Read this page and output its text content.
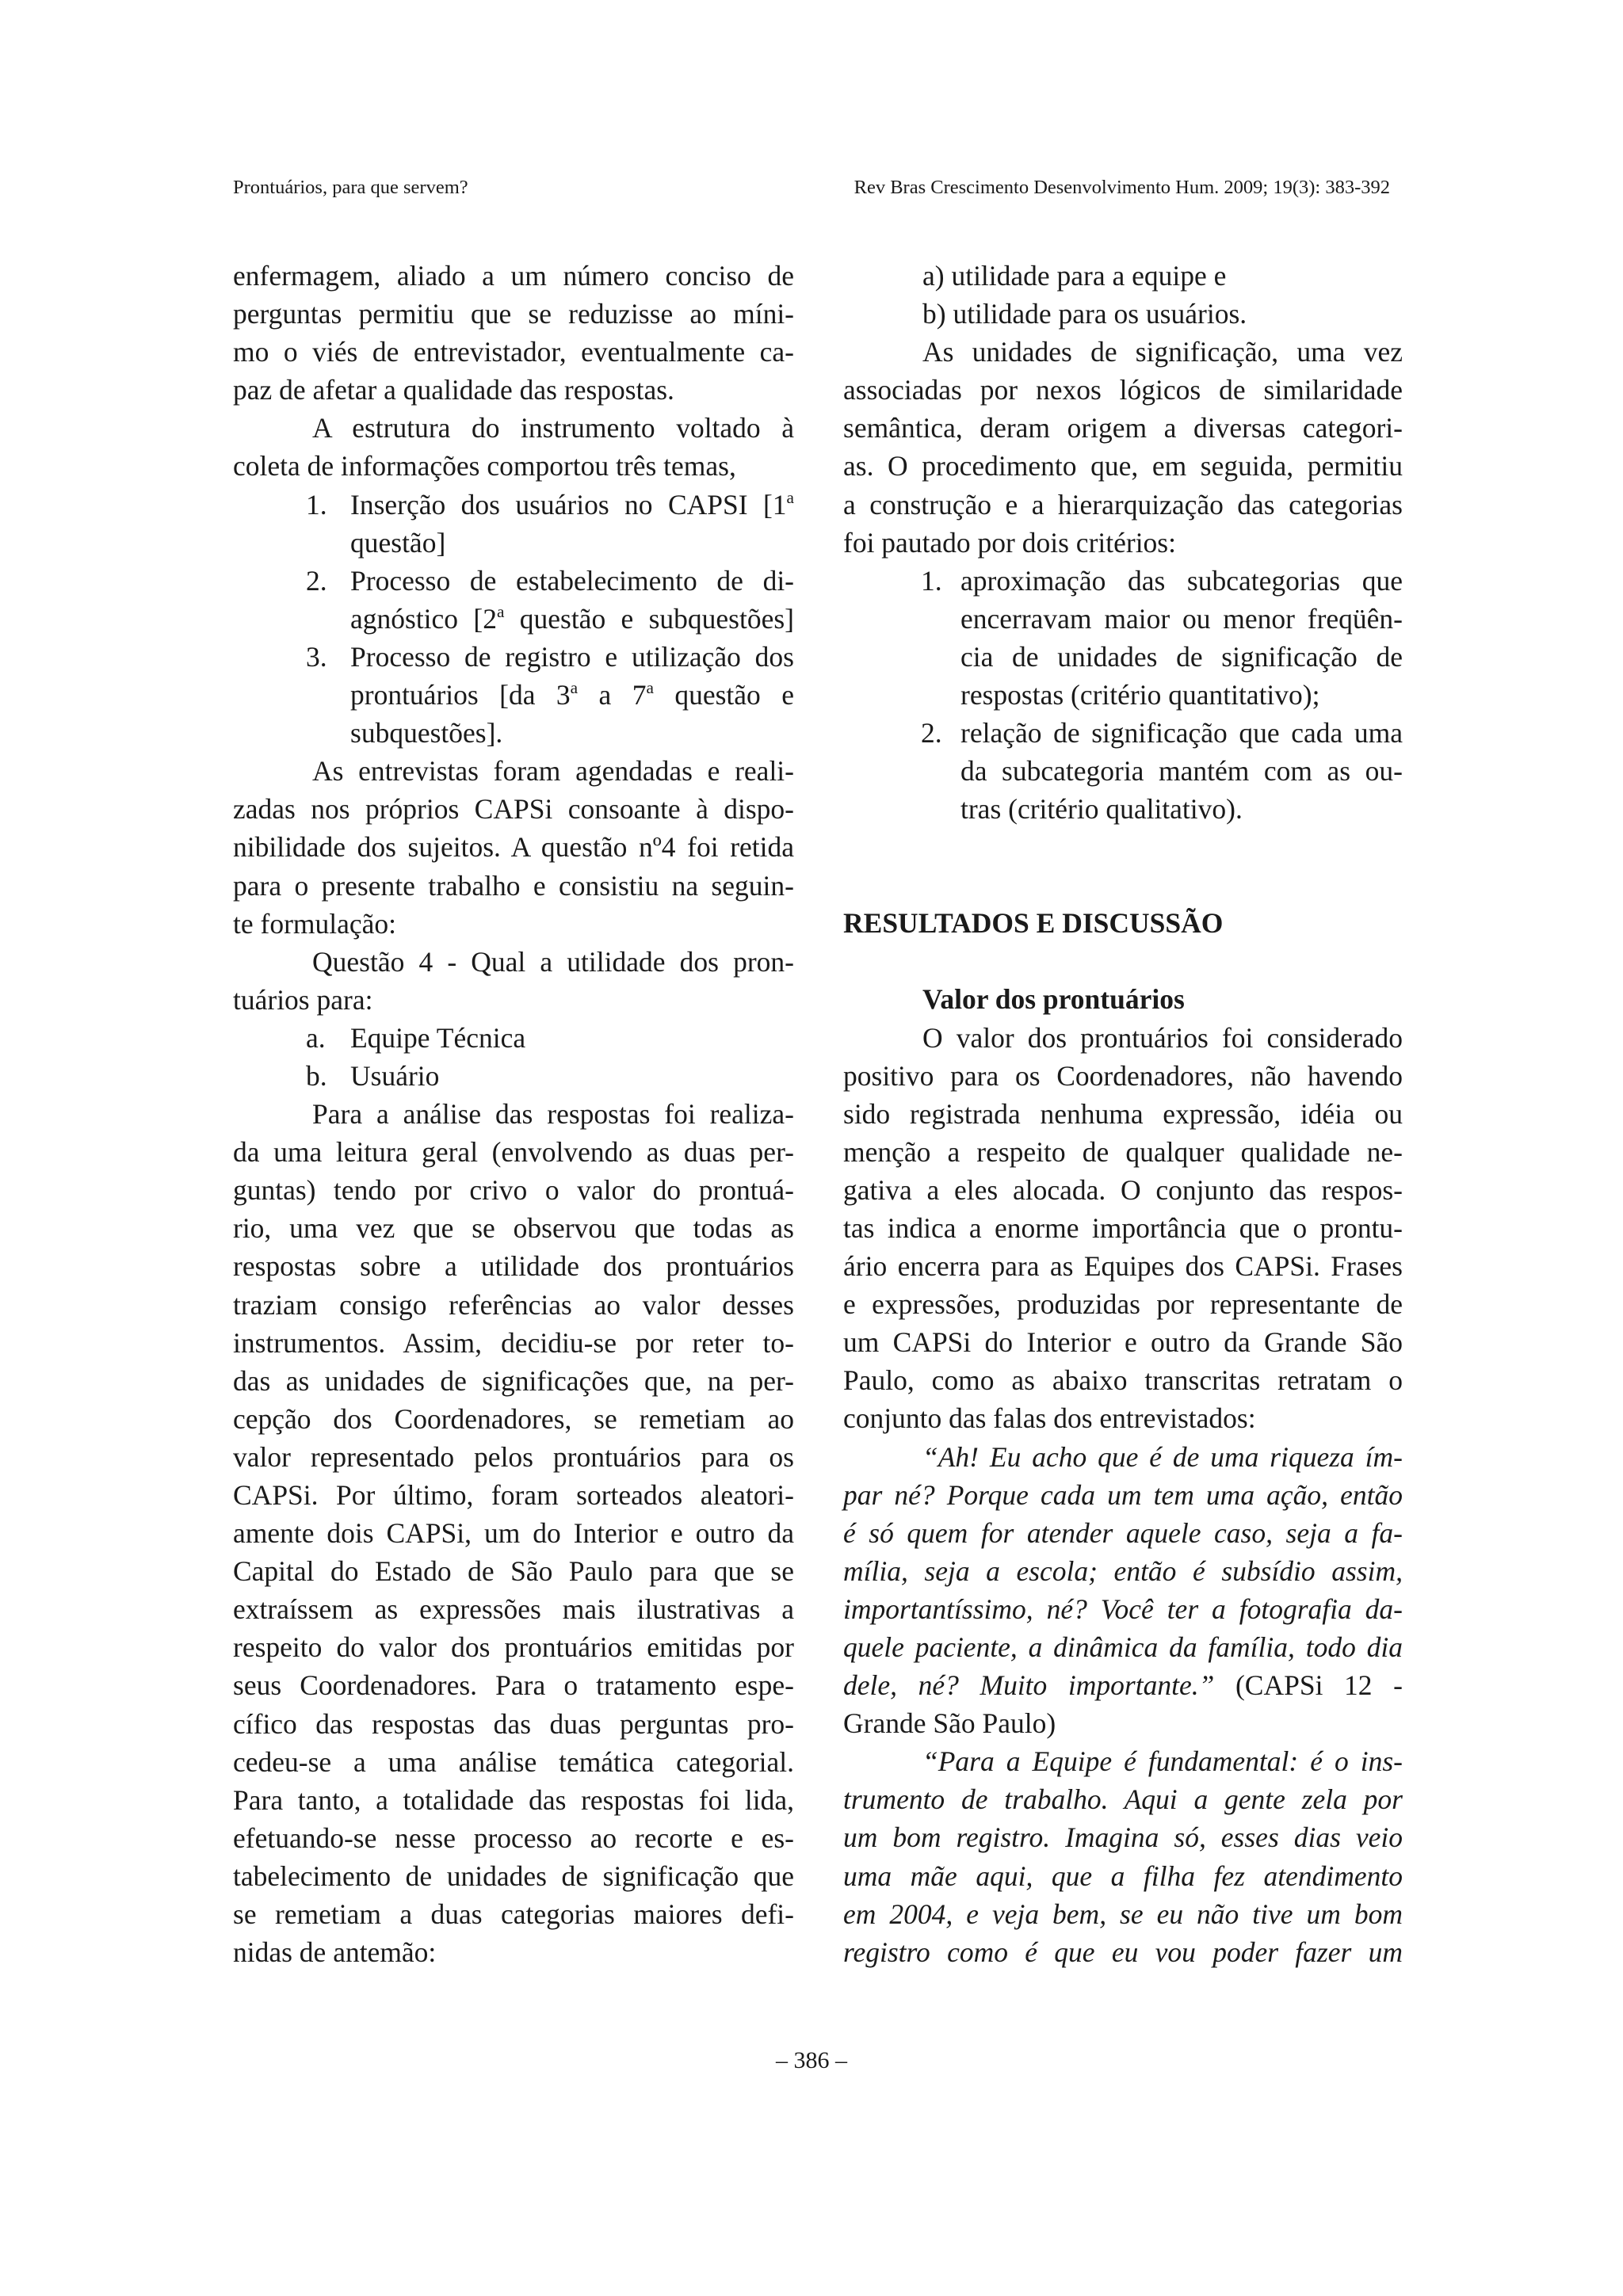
Prontuários, para que servem?	Rev Bras Crescimento Desenvolvimento Hum. 2009; 19(3): 383-392
enfermagem, aliado a um número conciso de
perguntas permitiu que se reduzisse ao míni-
mo o viés de entrevistador, eventualmente ca-
paz de afetar a qualidade das respostas.
A estrutura do instrumento voltado à
coleta de informações comportou três temas,
1. Inserção dos usuários no CAPSI [1$^a$
questão]
2. Processo de estabelecimento de di-
agnóstico [2$^a$ questão e subquestões]
3. Processo de registro e utilização dos
prontuários [da 3$^a$ a 7$^a$ questão e
subquestões].
As entrevistas foram agendadas e reali-
zadas nos próprios CAPSi consoante à dispo-
nibilidade dos sujeitos. A questão nº4 foi retida
para o presente trabalho e consistiu na seguin-
te formulação:
Questão 4 - Qual a utilidade dos pron-
tuários para:
a. Equipe Técnica
b. Usuário
Para a análise das respostas foi realiza-
da uma leitura geral (envolvendo as duas per-
guntas) tendo por crivo o valor do prontuá-
rio, uma vez que se observou que todas as
respostas sobre a utilidade dos prontuários
traziam consigo referências ao valor desses
instrumentos. Assim, decidiu-se por reter to-
das as unidades de significações que, na per-
cepção dos Coordenadores, se remetiam ao
valor representado pelos prontuários para os
CAPSi. Por último, foram sorteados aleatori-
amente dois CAPSi, um do Interior e outro da
Capital do Estado de São Paulo para que se
extraíssem as expressões mais ilustrativas a
respeito do valor dos prontuários emitidas por
seus Coordenadores. Para o tratamento espe-
cífico das respostas das duas perguntas pro-
cedeu-se a uma análise temática categorial.
Para tanto, a totalidade das respostas foi lida,
efetuando-se nesse processo ao recorte e es-
tabelecimento de unidades de significação que
se remetiam a duas categorias maiores defi-
nidas de antemão:
a) utilidade para a equipe e
b) utilidade para os usuários.
As unidades de significação, uma vez
associadas por nexos lógicos de similaridade
semântica, deram origem a diversas categori-
as. O procedimento que, em seguida, permitiu
a construção e a hierarquização das categorias
foi pautado por dois critérios:
1. aproximação das subcategorias que
encerravam maior ou menor freqüên-
cia de unidades de significação de
respostas (critério quantitativo);
2. relação de significação que cada uma
da subcategoria mantém com as ou-
tras (critério qualitativo).
RESULTADOS E DISCUSSÃO
Valor dos prontuários
O valor dos prontuários foi considerado
positivo para os Coordenadores, não havendo
sido registrada nenhuma expressão, idéia ou
menção a respeito de qualquer qualidade ne-
gativa a eles alocada. O conjunto das respos-
tas indica a enorme importância que o prontu-
ário encerra para as Equipes dos CAPSi. Frases
e expressões, produzidas por representante de
um CAPSi do Interior e outro da Grande São
Paulo, como as abaixo transcritas retratam o
conjunto das falas dos entrevistados:
“Ah! Eu acho que é de uma riqueza ím-
par né? Porque cada um tem uma ação, então
é só quem for atender aquele caso, seja a fa-
mília, seja a escola; então é subsídio assim,
importantíssimo, né? Você ter a fotografia da-
quele paciente, a dinâmica da família, todo dia
dele, né? Muito importante.” (CAPSi 12 -
Grande São Paulo)
“Para a Equipe é fundamental: é o ins-
trumento de trabalho. Aqui a gente zela por
um bom registro. Imagina só, esses dias veio
uma mãe aqui, que a filha fez atendimento
em 2004, e veja bem, se eu não tive um bom
registro como é que eu vou poder fazer um
– 386 –
